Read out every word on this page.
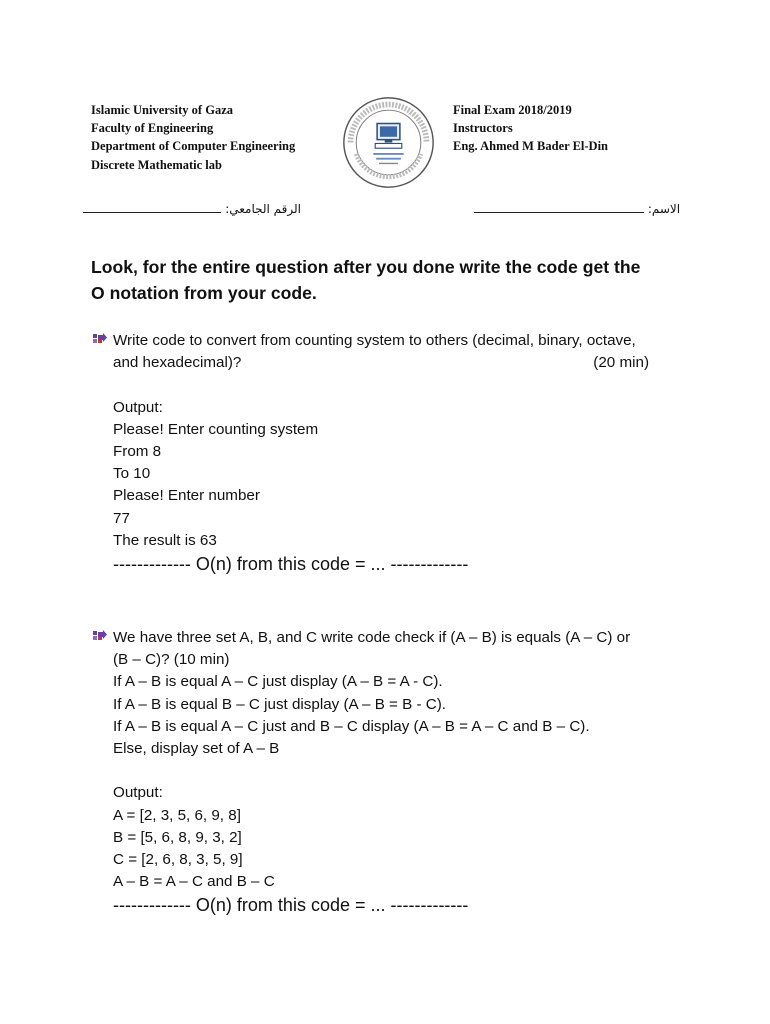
Islamic University of Gaza
Faculty of Engineering
Department of Computer Engineering
Discrete Mathematic lab
Final Exam 2018/2019
Instructors
Eng. Ahmed M Bader El-Din
الرقم الجامعي:	الاسم:
Look, for the entire question after you done write the code get the
O notation from your code.
Write code to convert from counting system to others (decimal, binary, octave,
and hexadecimal)?	(20 min)
Output:
Please! Enter counting system
From 8
To 10
Please! Enter number
77
The result is 63
------------- O(n) from this code = ... -------------
We have three set A, B, and C write code check if (A – B) is equals (A – C) or
(B – C)? (10 min)
If A – B is equal A – C just display (A – B = A - C).
If A – B is equal B – C just display (A – B = B - C).
If A – B is equal A – C just and B – C display (A – B = A – C and B – C).
Else, display set of A – B
Output:
A = [2, 3, 5, 6, 9, 8]
B = [5, 6, 8, 9, 3, 2]
C = [2, 6, 8, 3, 5, 9]
A – B = A – C and B – C
------------- O(n) from this code = ... -------------
